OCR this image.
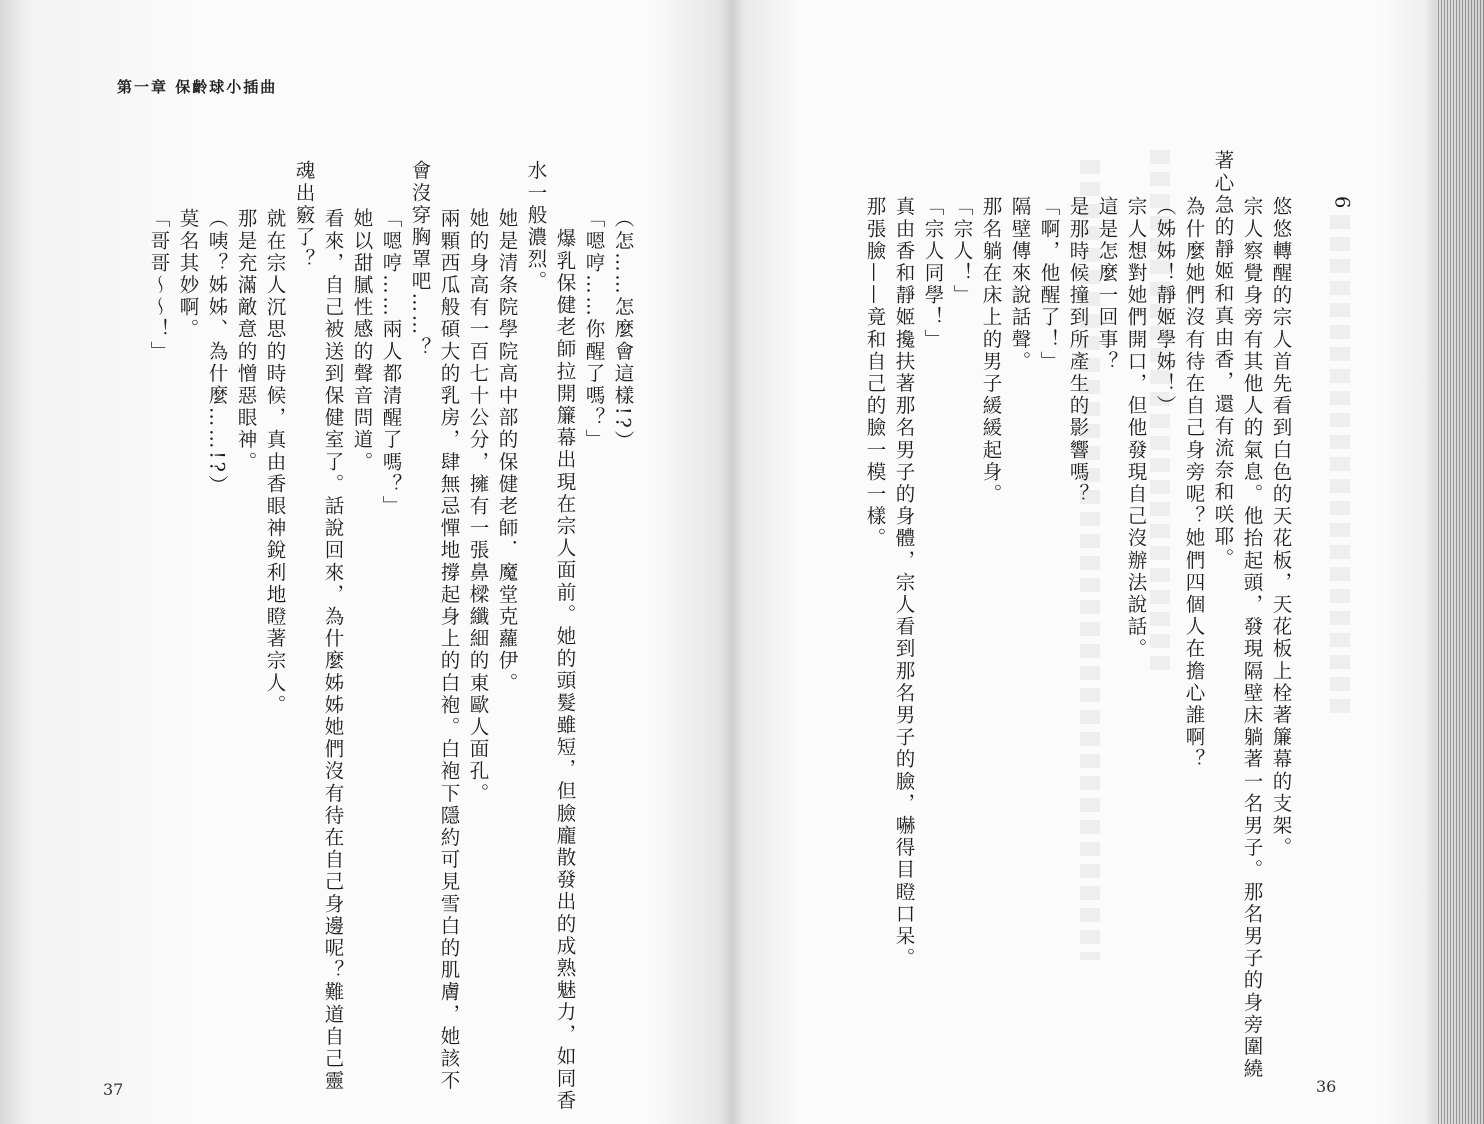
第一章 保齡球小插曲
（怎……怎麼會這樣!?）
「嗯哼……你醒了嗎？」
爆乳保健老師拉開簾幕出現在宗人面前。她的頭髮雖短，但臉龐散發出的成熟魅力，如同香
水一般濃烈。
她是清条院學院高中部的保健老師．魔堂克蘿伊。
她的身高有一百七十公分，擁有一張鼻樑纖細的東歐人面孔。
兩顆西瓜般碩大的乳房，肆無忌憚地撐起身上的白袍。白袍下隱約可見雪白的肌膚，她該不
會沒穿胸罩吧……？
「嗯哼……兩人都清醒了嗎？」
她以甜膩性感的聲音問道。
看來，自己被送到保健室了。話說回來，為什麼姊姊她們沒有待在自己身邊呢？難道自己靈
魂出竅了？
就在宗人沉思的時候，真由香眼神銳利地瞪著宗人。
那是充滿敵意的憎惡眼神。
（咦？姊姊、為什麼……!?）
莫名其妙啊。
「哥哥～～！」
6
悠悠轉醒的宗人首先看到白色的天花板，天花板上栓著簾幕的支架。
宗人察覺身旁有其他人的氣息。他抬起頭，發現隔壁床躺著一名男子。那名男子的身旁圍繞
著心急的靜姬和真由香，還有流奈和咲耶。
為什麼她們沒有待在自己身旁呢？她們四個人在擔心誰啊？
（姊姊！靜姬學姊！）
宗人想對她們開口，但他發現自己沒辦法說話。
這是怎麼一回事？
是那時候撞到所產生的影響嗎？
「啊，他醒了！」
隔壁傳來說話聲。
那名躺在床上的男子緩緩起身。
「宗人！」
「宗人同學！」
真由香和靜姬攙扶著那名男子的身體，宗人看到那名男子的臉，嚇得目瞪口呆。
那張臉——竟和自己的臉一模一樣。
37	36
